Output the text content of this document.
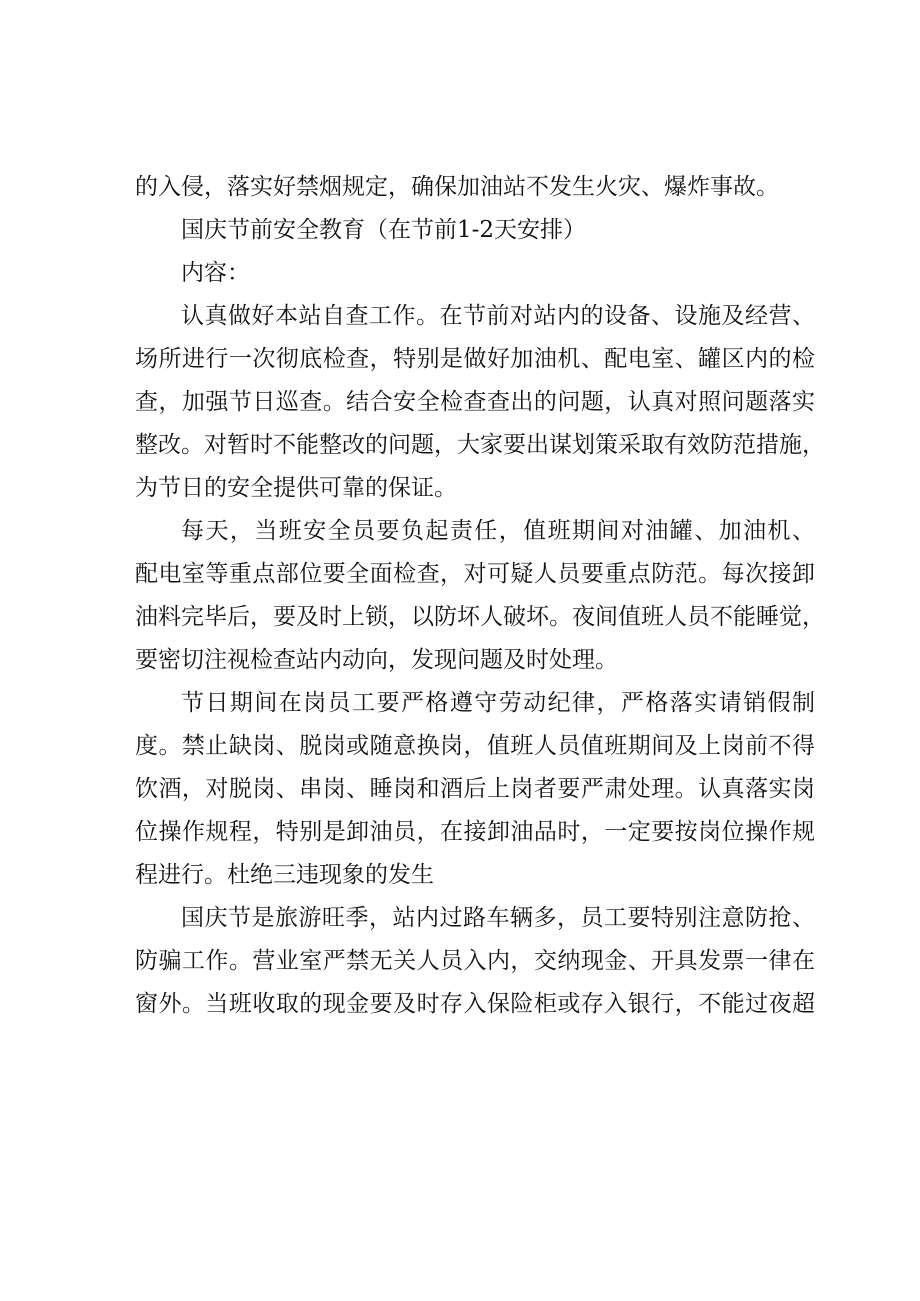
的入侵，落实好禁烟规定，确保加油站不发生火灾、爆炸事故。
国庆节前安全教育（在节前1-2天安排）
内容：
认真做好本站自查工作。在节前对站内的设备、设施及经营、
场所进行一次彻底检查，特别是做好加油机、配电室、罐区内的检
查，加强节日巡查。结合安全检查查出的问题，认真对照问题落实
整改。对暂时不能整改的问题，大家要出谋划策采取有效防范措施，
为节日的安全提供可靠的保证。
每天，当班安全员要负起责任，值班期间对油罐、加油机、
配电室等重点部位要全面检查，对可疑人员要重点防范。每次接卸
油料完毕后，要及时上锁，以防坏人破坏。夜间值班人员不能睡觉，
要密切注视检查站内动向，发现问题及时处理。
节日期间在岗员工要严格遵守劳动纪律，严格落实请销假制
度。禁止缺岗、脱岗或随意换岗，值班人员值班期间及上岗前不得
饮酒，对脱岗、串岗、睡岗和酒后上岗者要严肃处理。认真落实岗
位操作规程，特别是卸油员，在接卸油品时，一定要按岗位操作规
程进行。杜绝三违现象的发生
国庆节是旅游旺季，站内过路车辆多，员工要特别注意防抢、
防骗工作。营业室严禁无关人员入内，交纳现金、开具发票一律在
窗外。当班收取的现金要及时存入保险柜或存入银行，不能过夜超
